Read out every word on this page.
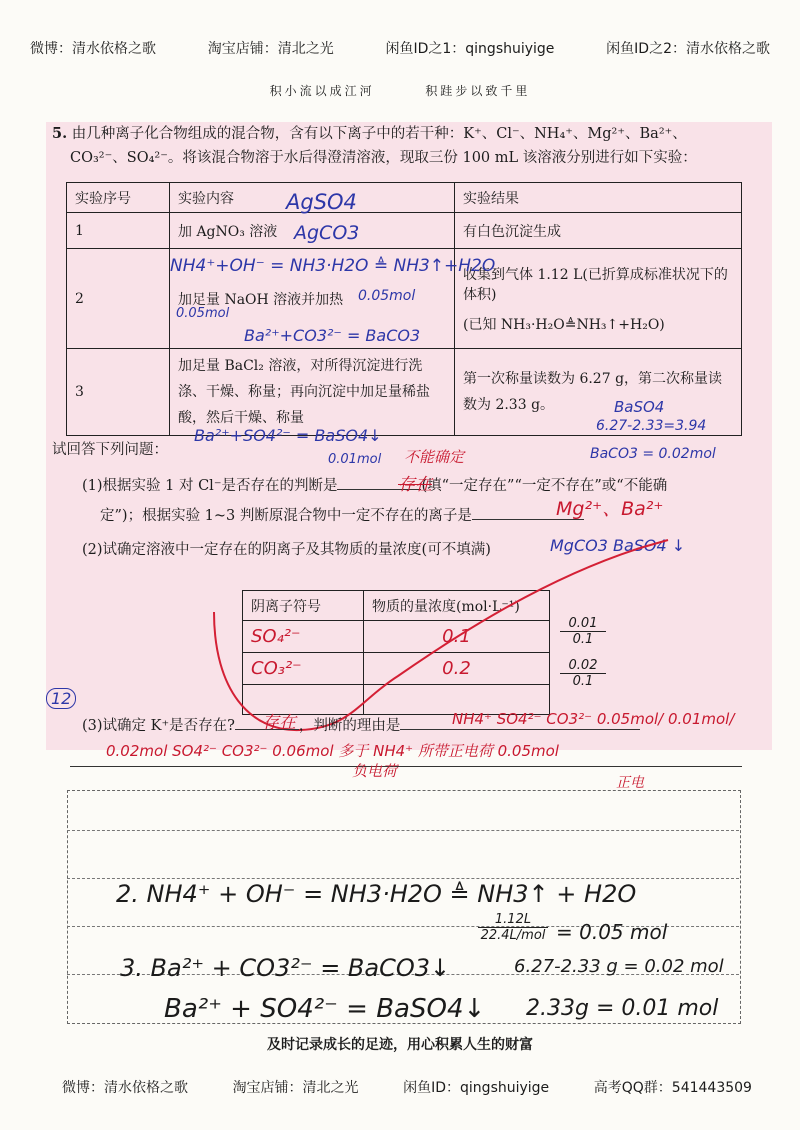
微博：清水依格之歌	淘宝店铺：清北之光	闲鱼ID之1：qingshuiyige	闲鱼ID之2：清水依格之歌
积小流以成江河	积跬步以致千里
5. 由几种离子化合物组成的混合物，含有以下离子中的若干种：K⁺、Cl⁻、NH₄⁺、Mg²⁺、Ba²⁺、
CO₃²⁻、SO₄²⁻。将该混合物溶于水后得澄清溶液，现取三份 100 mL 该溶液分别进行如下实验：
实验序号	实验内容	实验结果
1	加 AgNO₃ 溶液	有白色沉淀生成
2	加足量 NaOH 溶液并加热	收集到气体 1.12 L(已折算成标准状况下的体积)
(已知 NH₃·H₂O≜NH₃↑+H₂O)

3	加足量 BaCl₂ 溶液，对所得沉淀进行洗涤、干燥、称量；再向沉淀中加足量稀盐酸，然后干燥、称量	第一次称量读数为 6.27 g，第二次称量读数为 2.33 g。
AgSO4
AgCO3
NH4⁺+OH⁻ = NH3·H2O ≜ NH3↑+H2O
0.05mol
0.05mol
Ba²⁺+CO3²⁻ = BaCO3
BaSO4
6.27-2.33=3.94
试回答下列问题：
Ba²⁺+SO4²⁻ = BaSO4↓
0.01mol	BaCO3 = 0.02mol
(1)根据实验 1 对 Cl⁻是否存在的判断是	(填“一定存在”“一定不存在”或“不能确
定”)；根据实验 1~3 判断原混合物中一定不存在的离子是
存在
不能确定
Mg²⁺、Ba²⁺
(2)试确定溶液中一定存在的阴离子及其物质的量浓度(可不填满)	MgCO3 BaSO4 ↓
阴离子符号	物质的量浓度(mol·L⁻¹)
SO₄²⁻	0.1
CO₃²⁻	0.2

0.01
0.1
0.02
0.1
12
(3)试确定 K⁺是否存在?	，判断的理由是
存在	NH4⁺ SO4²⁻ CO3²⁻ 0.05mol/ 0.01mol/
0.02mol SO4²⁻ CO3²⁻ 0.06mol 多于 NH4⁺ 所带正电荷 0.05mol
负电荷
正电
2. NH4⁺ + OH⁻ = NH3·H2O ≜ NH3↑ + H2O
1.12L
22.4L/mol = 0.05 mol
3. Ba²⁺ + CO3²⁻ = BaCO3↓	6.27-2.33 g = 0.02 mol
Ba²⁺ + SO4²⁻ = BaSO4↓ 2.33g = 0.01 mol
及时记录成长的足迹，用心积累人生的财富
微博：清水依格之歌	淘宝店铺：清北之光	闲鱼ID：qingshuiyige	高考QQ群：541443509
